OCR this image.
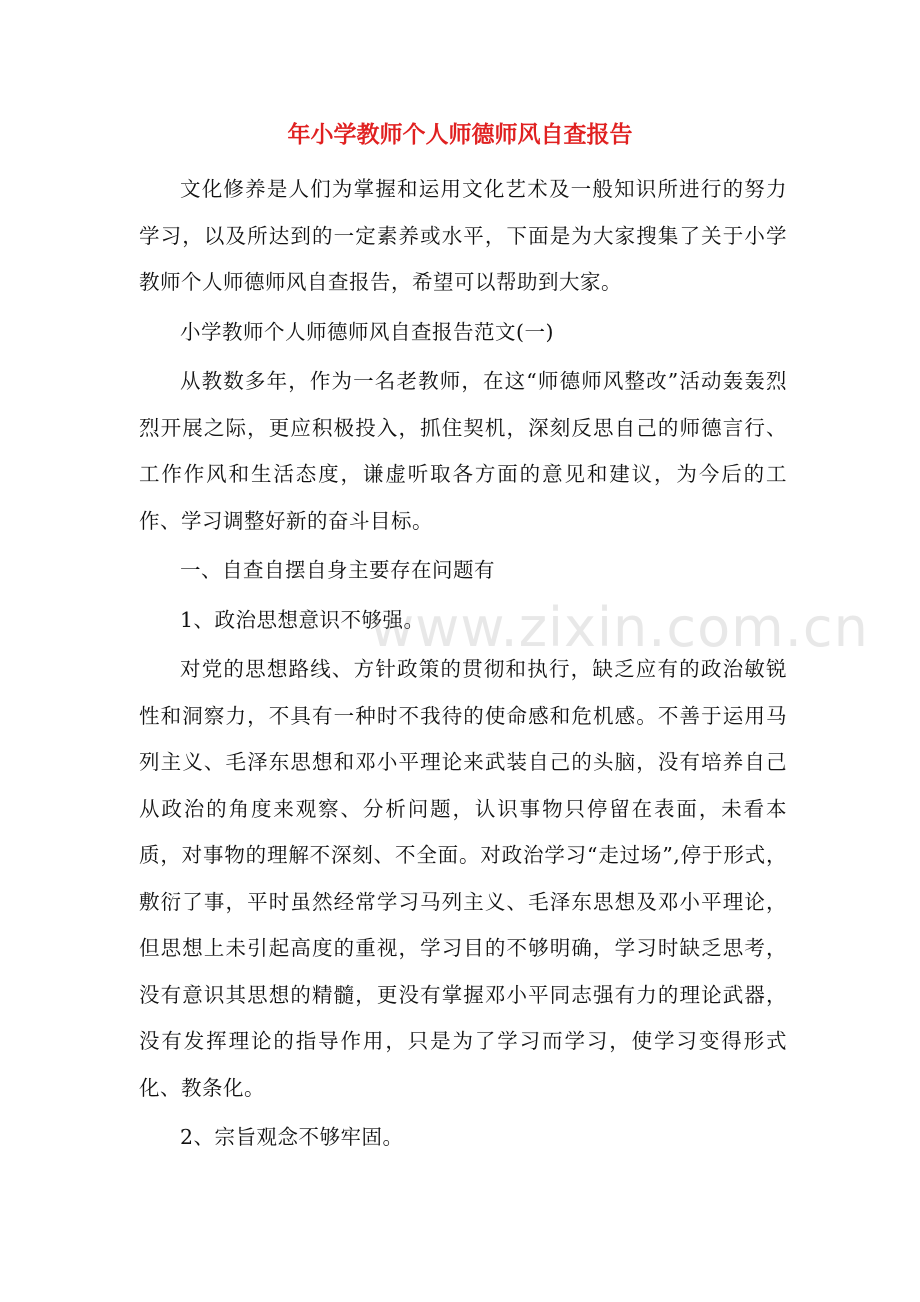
年小学教师个人师德师风自查报告

文化修养是人们为掌握和运用文化艺术及一般知识所进行的努力学习，以及所达到的一定素养或水平，下面是为大家搜集了关于小学教师个人师德师风自查报告，希望可以帮助到大家。

小学教师个人师德师风自查报告范文(一)

从教数多年，作为一名老教师，在这“师德师风整改”活动轰轰烈烈开展之际，更应积极投入，抓住契机，深刻反思自己的师德言行、工作作风和生活态度，谦虚听取各方面的意见和建议，为今后的工作、学习调整好新的奋斗目标。

一、自查自摆自身主要存在问题有

1、政治思想意识不够强。

对党的思想路线、方针政策的贯彻和执行，缺乏应有的政治敏锐性和洞察力，不具有一种时不我待的使命感和危机感。不善于运用马列主义、毛泽东思想和邓小平理论来武装自己的头脑，没有培养自己从政治的角度来观察、分析问题，认识事物只停留在表面，未看本质，对事物的理解不深刻、不全面。对政治学习“走过场”,停于形式，敷衍了事，平时虽然经常学习马列主义、毛泽东思想及邓小平理论，但思想上未引起高度的重视，学习目的不够明确，学习时缺乏思考，没有意识其思想的精髓，更没有掌握邓小平同志强有力的理论武器，没有发挥理论的指导作用，只是为了学习而学习，使学习变得形式化、教条化。

2、宗旨观念不够牢固。

www.zixin.com.cn
